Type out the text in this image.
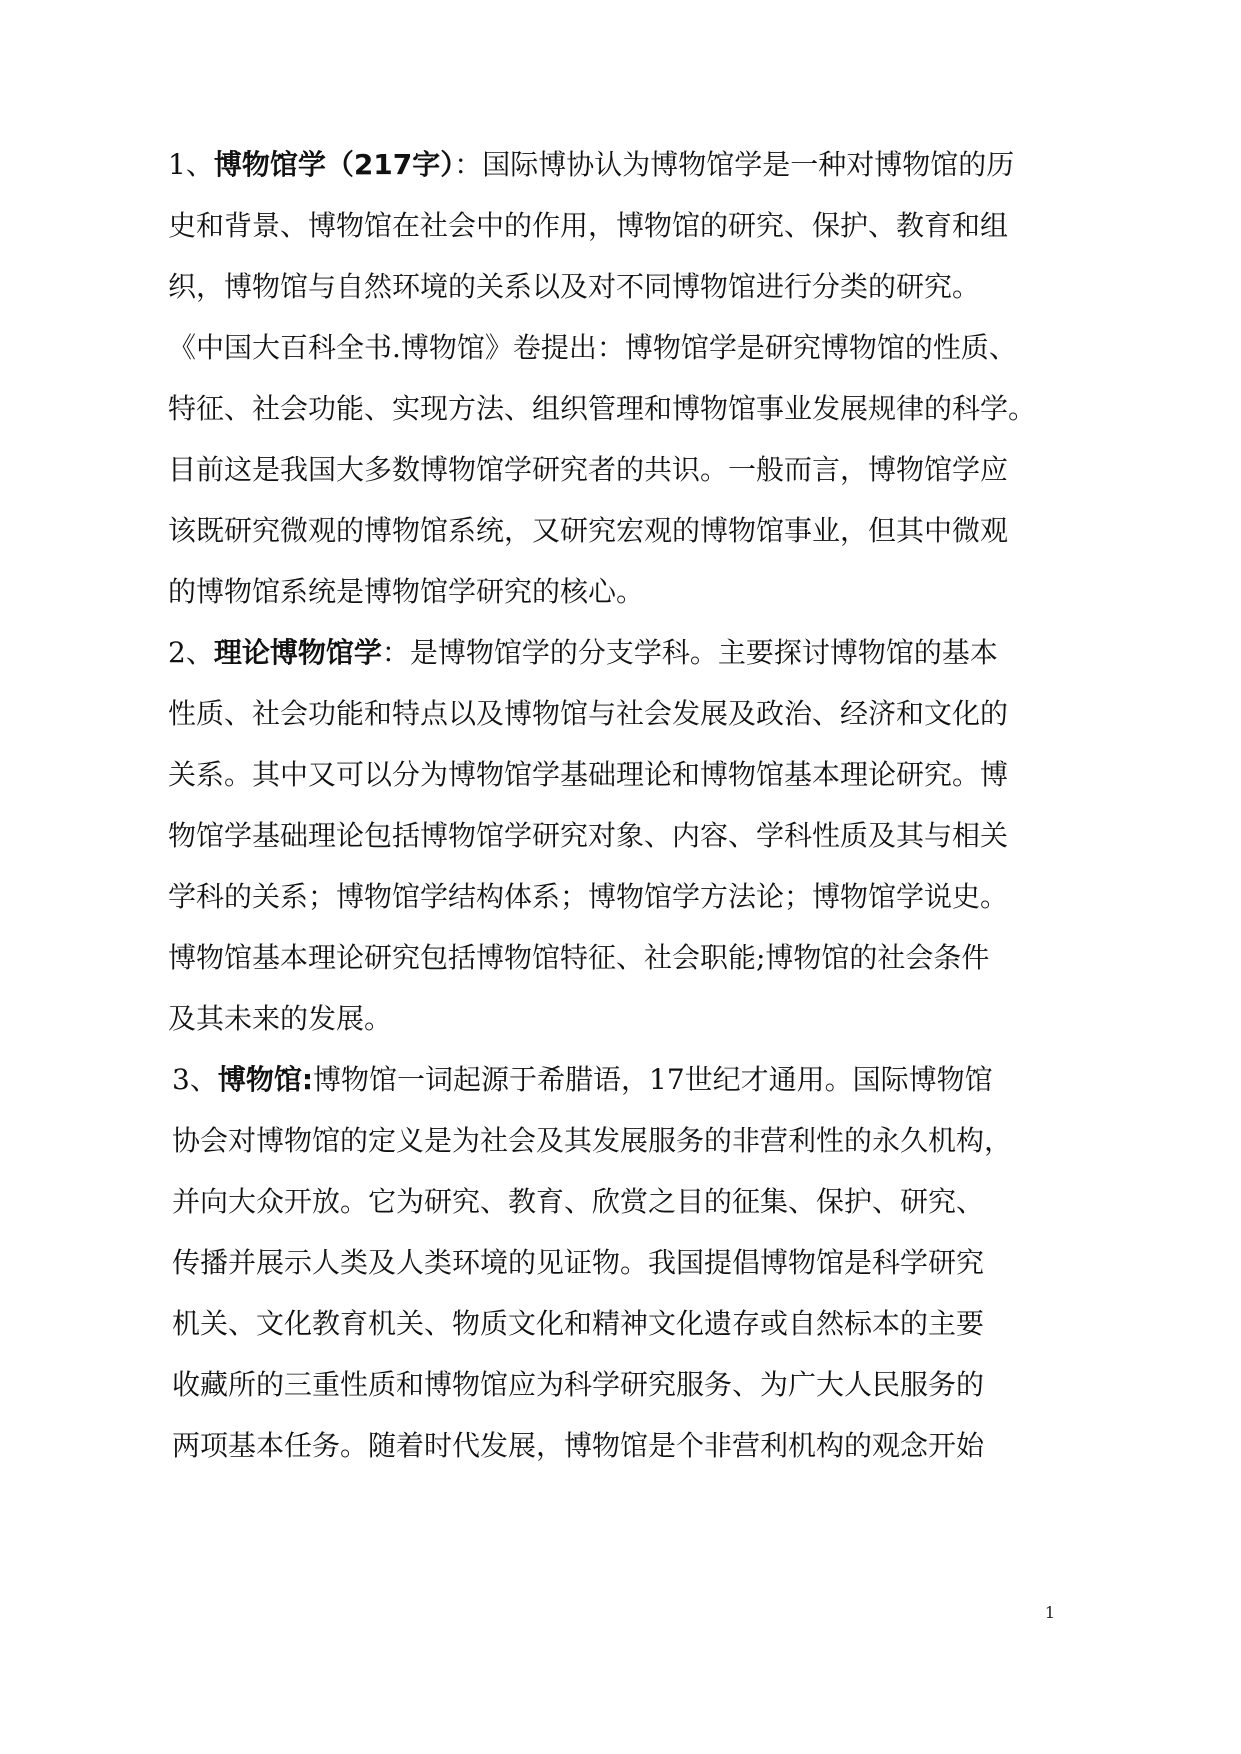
1、博物馆学（217字）：国际博协认为博物馆学是一种对博物馆的历
史和背景、博物馆在社会中的作用，博物馆的研究、保护、教育和组
织，博物馆与自然环境的关系以及对不同博物馆进行分类的研究。
《中国大百科全书.博物馆》卷提出：博物馆学是研究博物馆的性质、
特征、社会功能、实现方法、组织管理和博物馆事业发展规律的科学。
目前这是我国大多数博物馆学研究者的共识。一般而言，博物馆学应
该既研究微观的博物馆系统，又研究宏观的博物馆事业，但其中微观
的博物馆系统是博物馆学研究的核心。
2、理论博物馆学：是博物馆学的分支学科。主要探讨博物馆的基本
性质、社会功能和特点以及博物馆与社会发展及政治、经济和文化的
关系。其中又可以分为博物馆学基础理论和博物馆基本理论研究。博
物馆学基础理论包括博物馆学研究对象、内容、学科性质及其与相关
学科的关系；博物馆学结构体系；博物馆学方法论；博物馆学说史。
博物馆基本理论研究包括博物馆特征、社会职能;博物馆的社会条件
及其未来的发展。
3、博物馆:博物馆一词起源于希腊语，17世纪才通用。国际博物馆
协会对博物馆的定义是为社会及其发展服务的非营利性的永久机构，
并向大众开放。它为研究、教育、欣赏之目的征集、保护、研究、
传播并展示人类及人类环境的见证物。我国提倡博物馆是科学研究
机关、文化教育机关、物质文化和精神文化遗存或自然标本的主要
收藏所的三重性质和博物馆应为科学研究服务、为广大人民服务的
两项基本任务。随着时代发展，博物馆是个非营利机构的观念开始
1
